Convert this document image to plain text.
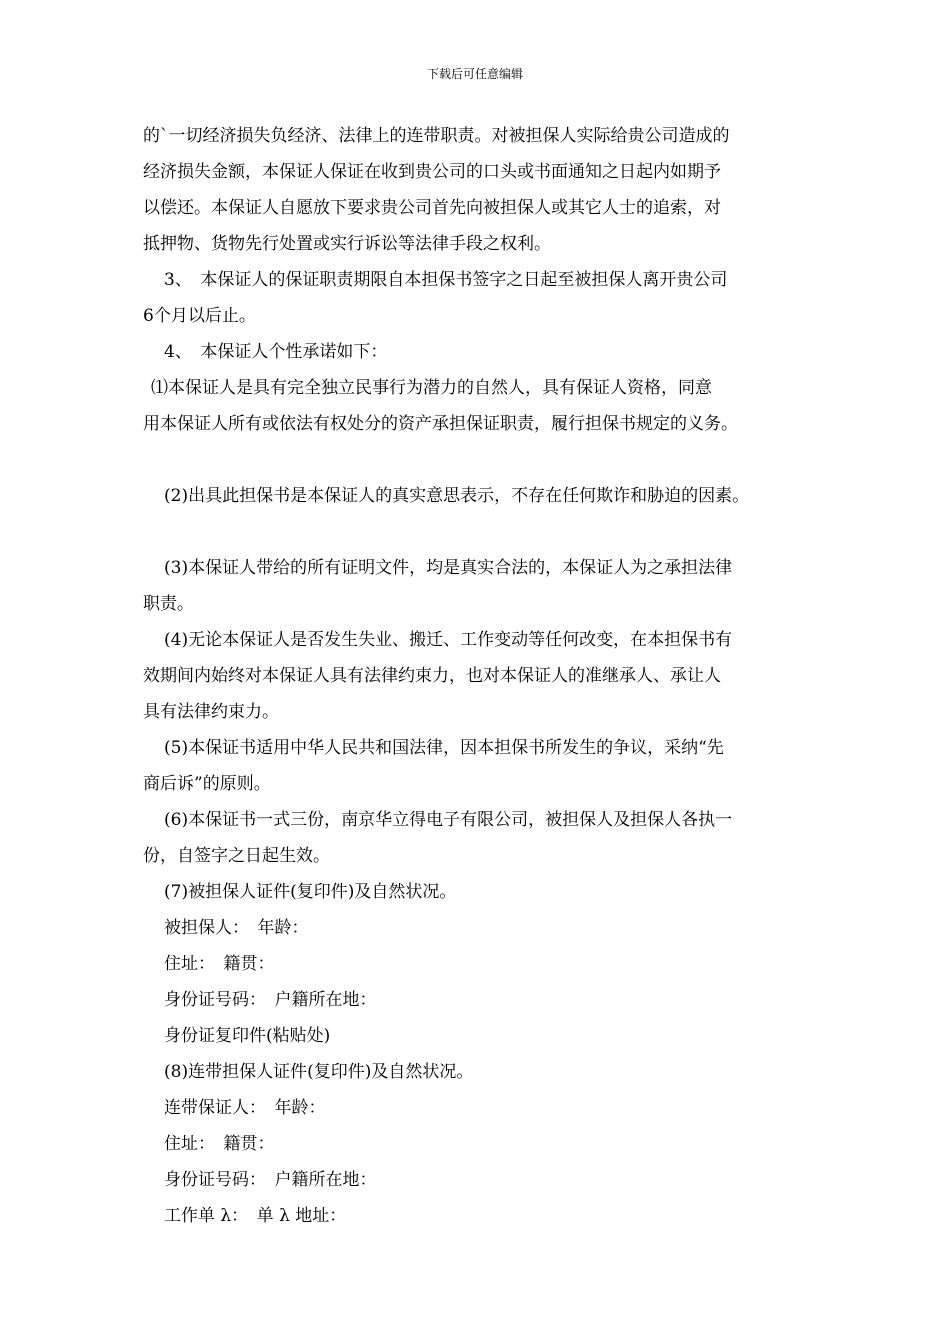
下载后可任意编辑
的`一切经济损失负经济、法律上的连带职责。对被担保人实际给贵公司造成的
经济损失金额，本保证人保证在收到贵公司的口头或书面通知之日起内如期予
以偿还。本保证人自愿放下要求贵公司首先向被担保人或其它人士的追索，对
抵押物、货物先行处置或实行诉讼等法律手段之权利。
3、　本保证人的保证职责期限自本担保书签字之日起至被担保人离开贵公司
6个月以后止。
4、　本保证人个性承诺如下：
⑴本保证人是具有完全独立民事行为潜力的自然人，具有保证人资格，同意
用本保证人所有或依法有权处分的资产承担保证职责，履行担保书规定的义务。
(2)出具此担保书是本保证人的真实意思表示，不存在任何欺诈和胁迫的因素。
(3)本保证人带给的所有证明文件，均是真实合法的，本保证人为之承担法律
职责。
(4)无论本保证人是否发生失业、搬迁、工作变动等任何改变，在本担保书有
效期间内始终对本保证人具有法律约束力，也对本保证人的准继承人、承让人
具有法律约束力。
(5)本保证书适用中华人民共和国法律，因本担保书所发生的争议，采纳“先
商后诉”的原则。
(6)本保证书一式三份，南京华立得电子有限公司，被担保人及担保人各执一
份，自签字之日起生效。
(7)被担保人证件(复印件)及自然状况。
被担保人：　年龄：
住址：　籍贯：
身份证号码：　户籍所在地：
身份证复印件(粘贴处)
(8)连带担保人证件(复印件)及自然状况。
连带保证人：　年龄：
住址：　籍贯：
身份证号码：　户籍所在地：
工作单 λ：　单 λ 地址：
